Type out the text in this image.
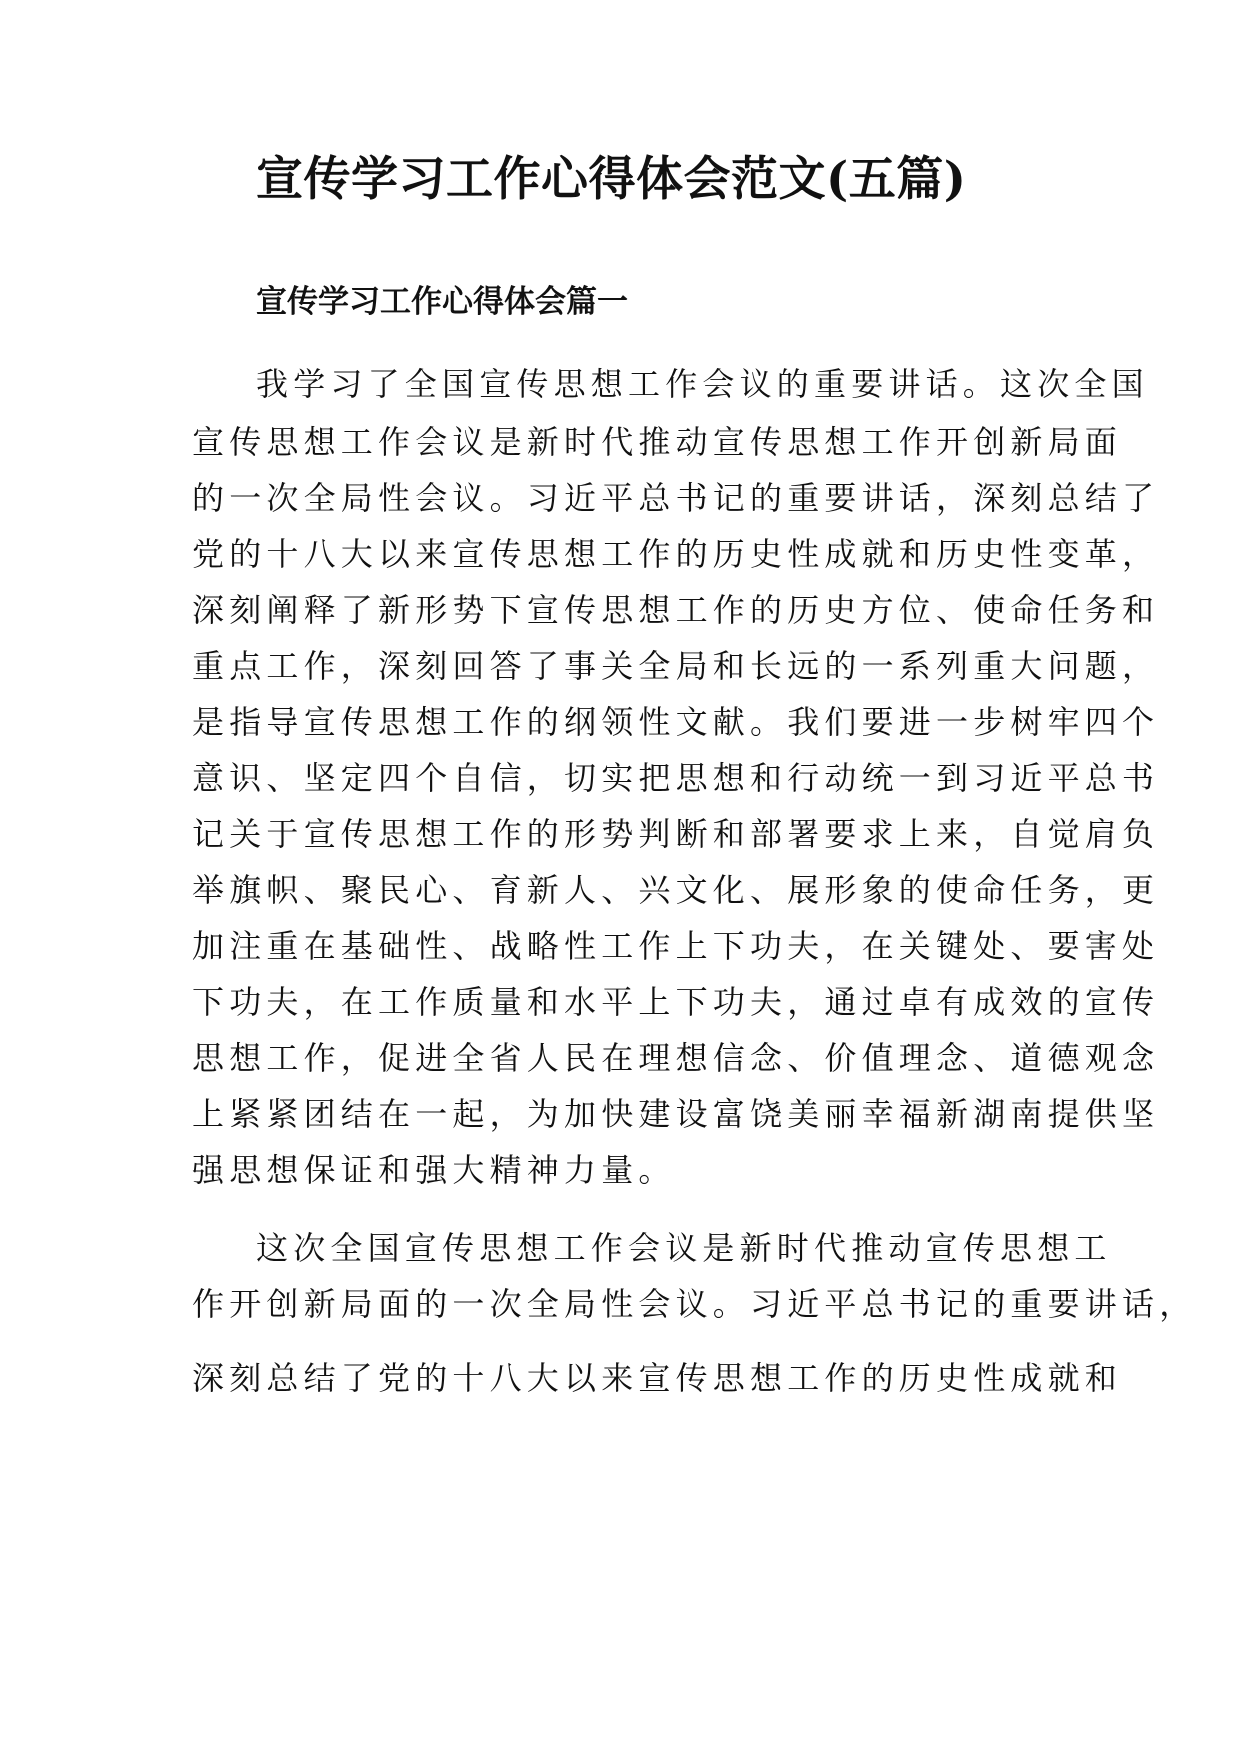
宣传学习工作心得体会范文(五篇)
宣传学习工作心得体会篇一

我学习了全国宣传思想工作会议的重要讲话。这次全国

宣传思想工作会议是新时代推动宣传思想工作开创新局面

的一次全局性会议。习近平总书记的重要讲话，深刻总结了

党的十八大以来宣传思想工作的历史性成就和历史性变革，

深刻阐释了新形势下宣传思想工作的历史方位、使命任务和

重点工作，深刻回答了事关全局和长远的一系列重大问题，

是指导宣传思想工作的纲领性文献。我们要进一步树牢四个

意识、坚定四个自信，切实把思想和行动统一到习近平总书

记关于宣传思想工作的形势判断和部署要求上来，自觉肩负

举旗帜、聚民心、育新人、兴文化、展形象的使命任务，更

加注重在基础性、战略性工作上下功夫，在关键处、要害处

下功夫，在工作质量和水平上下功夫，通过卓有成效的宣传

思想工作，促进全省人民在理想信念、价值理念、道德观念

上紧紧团结在一起，为加快建设富饶美丽幸福新湖南提供坚

强思想保证和强大精神力量。

这次全国宣传思想工作会议是新时代推动宣传思想工

作开创新局面的一次全局性会议。习近平总书记的重要讲话，

深刻总结了党的十八大以来宣传思想工作的历史性成就和
